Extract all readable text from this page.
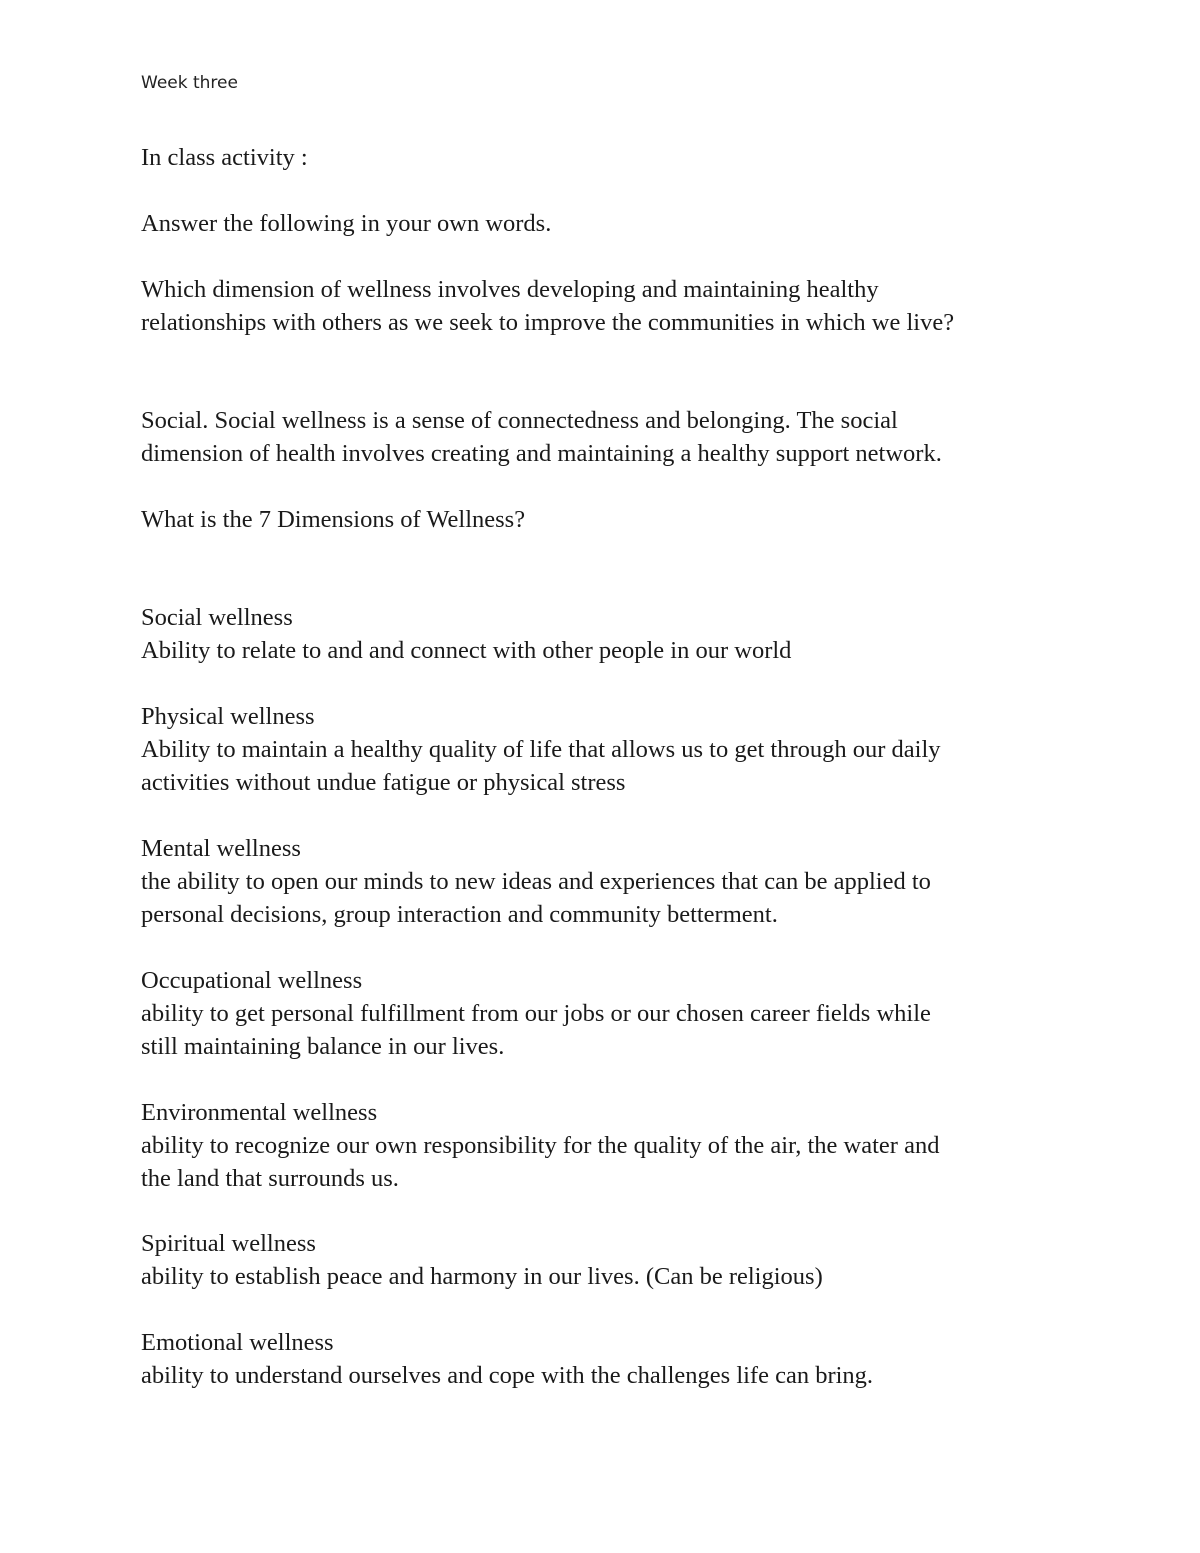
Week three

In class activity :

Answer the following in your own words.

Which dimension of wellness involves developing and maintaining healthy
relationships with others as we seek to improve the communities in which we live?

Social. Social wellness is a sense of connectedness and belonging. The social
dimension of health involves creating and maintaining a healthy support network.

What is the 7 Dimensions of Wellness?

Social wellness
Ability to relate to and and connect with other people in our world

Physical wellness
Ability to maintain a healthy quality of life that allows us to get through our daily
activities without undue fatigue or physical stress

Mental wellness
the ability to open our minds to new ideas and experiences that can be applied to
personal decisions, group interaction and community betterment.

Occupational wellness
ability to get personal fulfillment from our jobs or our chosen career fields while
still maintaining balance in our lives.

Environmental wellness
ability to recognize our own responsibility for the quality of the air, the water and
the land that surrounds us.

Spiritual wellness
ability to establish peace and harmony in our lives. (Can be religious)

Emotional wellness
ability to understand ourselves and cope with the challenges life can bring.
